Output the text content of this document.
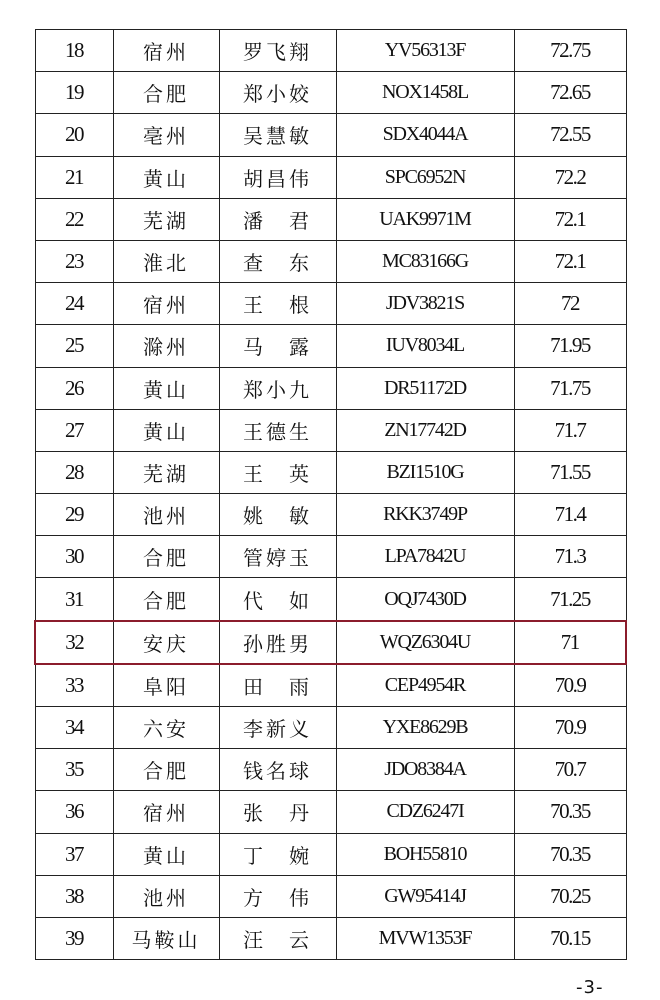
18	宿州	罗飞翔	YV56313F	72.75
19	合肥	郑小姣	NOX1458L	72.65
20	亳州	吴慧敏	SDX4044A	72.55
21	黄山	胡昌伟	SPC6952N	72.2
22	芜湖	潘　君	UAK9971M	72.1
23	淮北	查　东	MC83166G	72.1
24	宿州	王　根	JDV3821S	72
25	滁州	马　露	IUV8034L	71.95
26	黄山	郑小九	DR51172D	71.75
27	黄山	王德生	ZN17742D	71.7
28	芜湖	王　英	BZI1510G	71.55
29	池州	姚　敏	RKK3749P	71.4
30	合肥	管婷玉	LPA7842U	71.3
31	合肥	代　如	OQJ7430D	71.25
32	安庆	孙胜男	WQZ6304U	71
33	阜阳	田　雨	CEP4954R	70.9
34	六安	李新义	YXE8629B	70.9
35	合肥	钱名球	JDO8384A	70.7
36	宿州	张　丹	CDZ6247I	70.35
37	黄山	丁　婉	BOH55810	70.35
38	池州	方　伟	GW95414J	70.25
39	马鞍山	汪　云	MVW1353F	70.15
-3-
